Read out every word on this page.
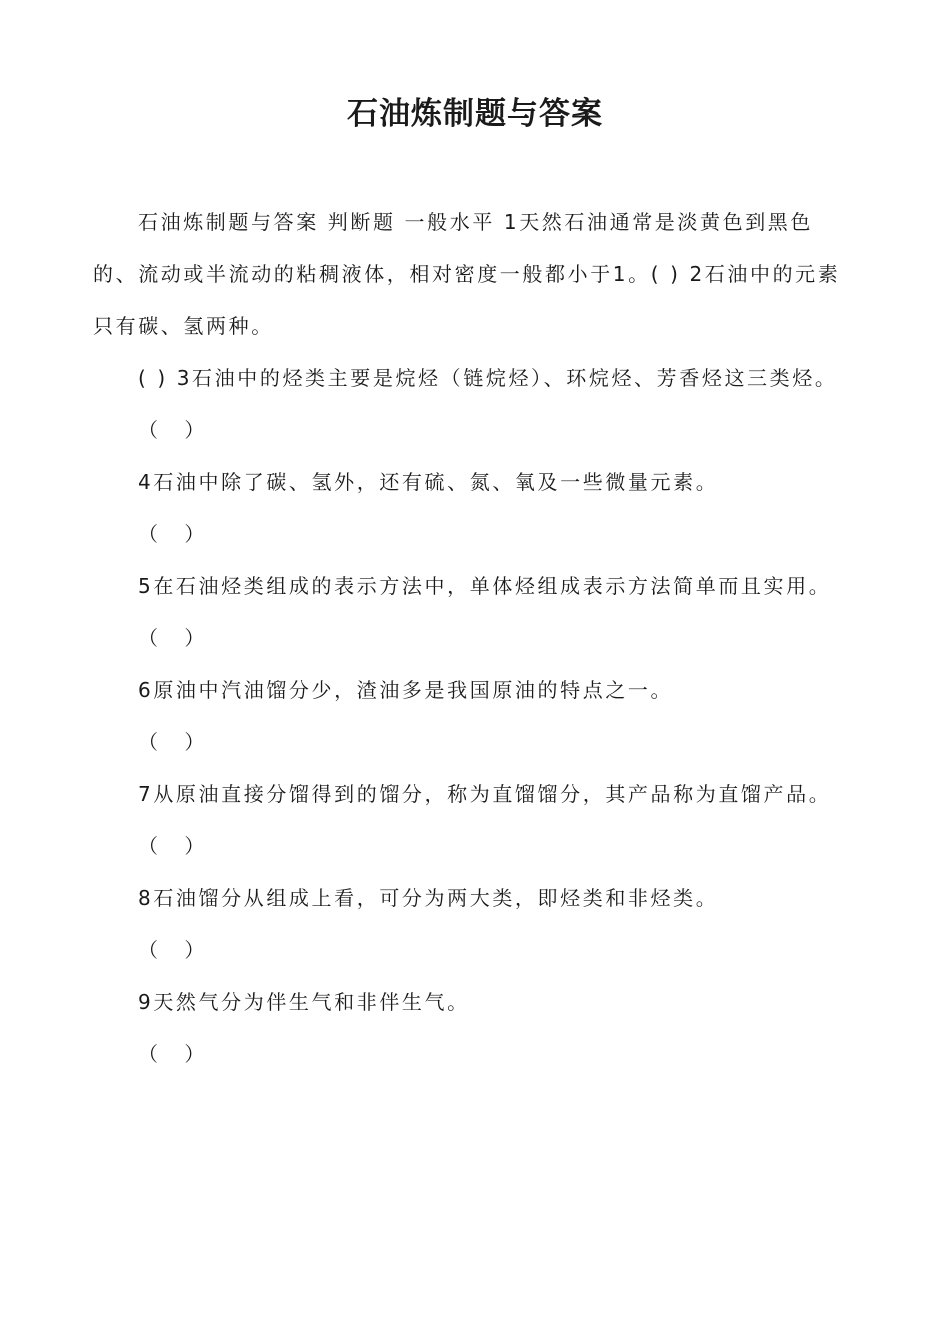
石油炼制题与答案

石油炼制题与答案 判断题 一般水平 1天然石油通常是淡黄色到黑色的、流动或半流动的粘稠液体，相对密度一般都小于1。( ) 2石油中的元素只有碳、氢两种。

( ) 3石油中的烃类主要是烷烃（链烷烃）、环烷烃、芳香烃这三类烃。

（ ）

4石油中除了碳、氢外，还有硫、氮、氧及一些微量元素。

（ ）

5在石油烃类组成的表示方法中，单体烃组成表示方法简单而且实用。

（ ）

6原油中汽油馏分少，渣油多是我国原油的特点之一。

（ ）

7从原油直接分馏得到的馏分，称为直馏馏分，其产品称为直馏产品。

（ ）

8石油馏分从组成上看，可分为两大类，即烃类和非烃类。

（ ）

9天然气分为伴生气和非伴生气。

（ ）
